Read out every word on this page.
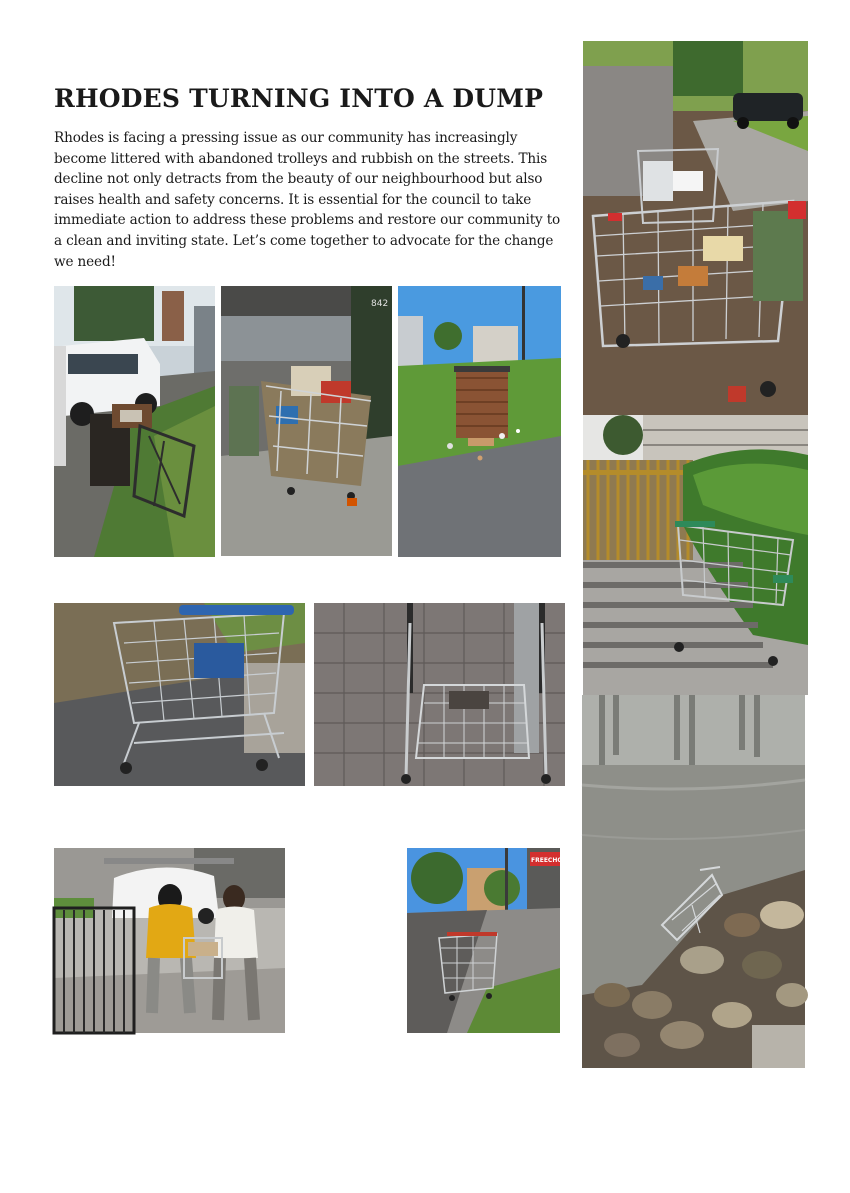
RHODES TURNING INTO A DUMP

Rhodes is facing a pressing issue as our community has increasingly become littered with abandoned trolleys and rubbish on the streets. This decline not only detracts from the beauty of our neighbourhood but also raises health and safety concerns. It is essential for the council to take immediate action to address these problems and restore our community to a clean and inviting state. Let’s come together to advocate for the change we need!

842
FREECHOI
